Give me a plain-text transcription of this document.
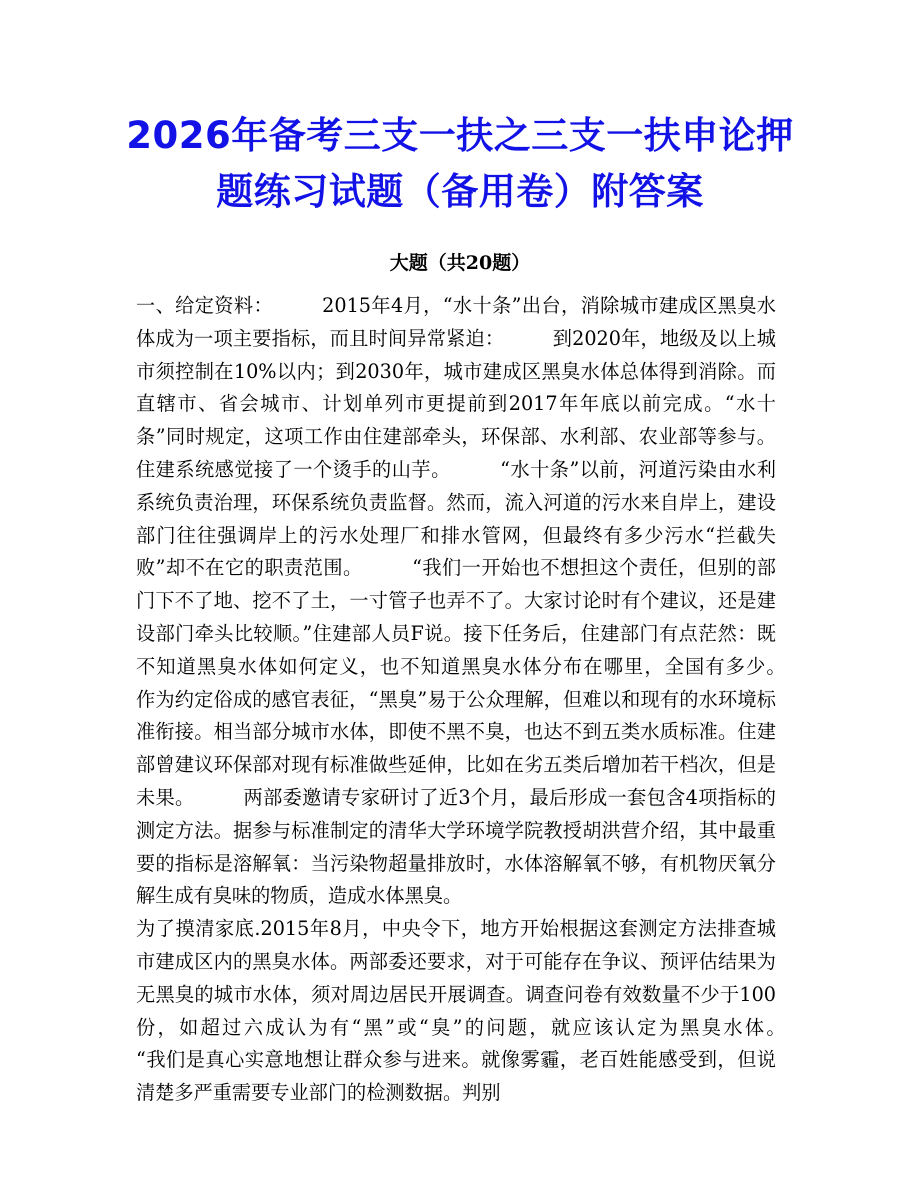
2026年备考三支一扶之三支一扶申论押
题练习试题（备用卷）附答案
大题（共20题）

一、给定资料：　　　2015年4月，“水十条”出台，消除城市建成区黑臭水体成为一项主要指标，而且时间异常紧迫：　　　到2020年，地级及以上城市须控制在10%以内；到2030年，城市建成区黑臭水体总体得到消除。而直辖市、省会城市、计划单列市更提前到2017年年底以前完成。“水十条”同时规定，这项工作由住建部牵头，环保部、水利部、农业部等参与。住建系统感觉接了一个烫手的山芋。　　　“水十条”以前，河道污染由水利系统负责治理，环保系统负责监督。然而，流入河道的污水来自岸上，建设部门往往强调岸上的污水处理厂和排水管网，但最终有多少污水“拦截失败”却不在它的职责范围。　　　“我们一开始也不想担这个责任，但别的部门下不了地、挖不了土，一寸管子也弄不了。大家讨论时有个建议，还是建设部门牵头比较顺。”住建部人员F说。接下任务后，住建部门有点茫然：既不知道黑臭水体如何定义，也不知道黑臭水体分布在哪里，全国有多少。　　　作为约定俗成的感官表征，“黑臭”易于公众理解，但难以和现有的水环境标准衔接。相当部分城市水体，即使不黑不臭，也达不到五类水质标准。住建部曾建议环保部对现有标准做些延伸，比如在劣五类后增加若干档次，但是未果。　　　两部委邀请专家研讨了近3个月，最后形成一套包含4项指标的测定方法。据参与标准制定的清华大学环境学院教授胡洪营介绍，其中最重要的指标是溶解氧：当污染物超量排放时，水体溶解氧不够，有机物厌氧分解生成有臭味的物质，造成水体黑臭。
为了摸清家底.2015年8月，中央令下，地方开始根据这套测定方法排查城市建成区内的黑臭水体。两部委还要求，对于可能存在争议、预评估结果为无黑臭的城市水体，须对周边居民开展调查。调查问卷有效数量不少于100份，如超过六成认为有“黑”或“臭”的问题，就应该认定为黑臭水体。　　　“我们是真心实意地想让群众参与进来。就像雾霾，老百姓能感受到，但说清楚多严重需要专业部门的检测数据。判别
